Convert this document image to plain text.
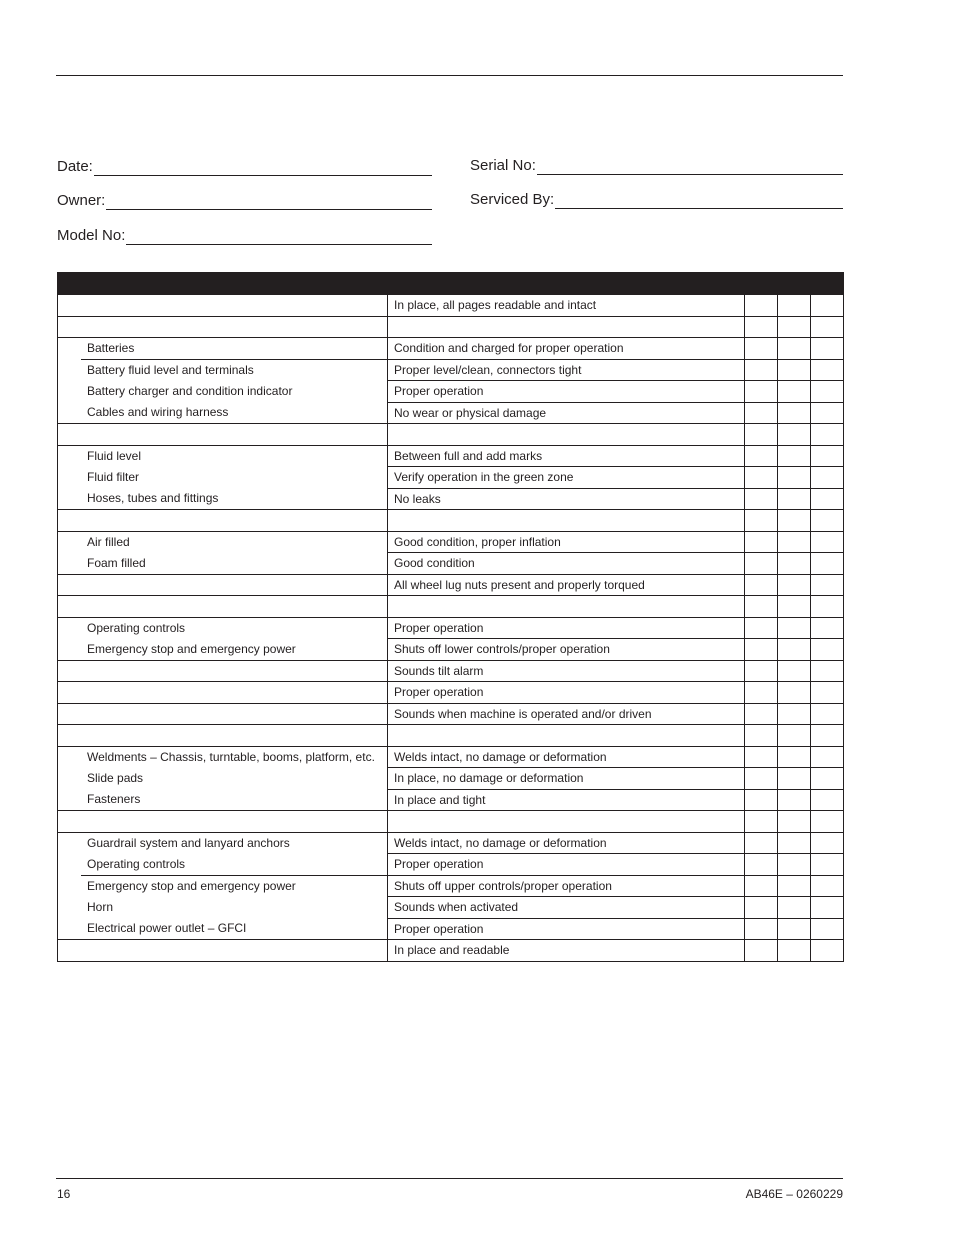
Date:
Owner:
Model No:
Serial No:
Serviced By:

	In place, all pages readable and intact			

Batteries	Condition and charged for proper operation			

Battery fluid level and terminals	Proper level/clean, connectors tight			

Battery charger and condition indicator	Proper operation			

Cables and wiring harness	No wear or physical damage			

Fluid level	Between full and add marks			

Fluid filter	Verify operation in the green zone			

Hoses, tubes and fittings	No leaks			

Air filled	Good condition, proper inflation			

Foam filled	Good condition			

	All wheel lug nuts present and properly torqued			

Operating controls	Proper operation			

Emergency stop and emergency power	Shuts off lower controls/proper operation			

	Sounds tilt alarm			

	Proper operation			

	Sounds when machine is operated and/or driven			

Weldments – Chassis, turntable, booms, platform, etc.	Welds intact, no damage or deformation			

Slide pads	In place, no damage or deformation			

Fasteners	In place and tight			

Guardrail system and lanyard anchors	Welds intact, no damage or deformation			

Operating controls	Proper operation			

Emergency stop and emergency power	Shuts off upper controls/proper operation			

Horn	Sounds when activated			

Electrical power outlet – GFCI	Proper operation			

	In place and readable			
16	AB46E – 0260229
